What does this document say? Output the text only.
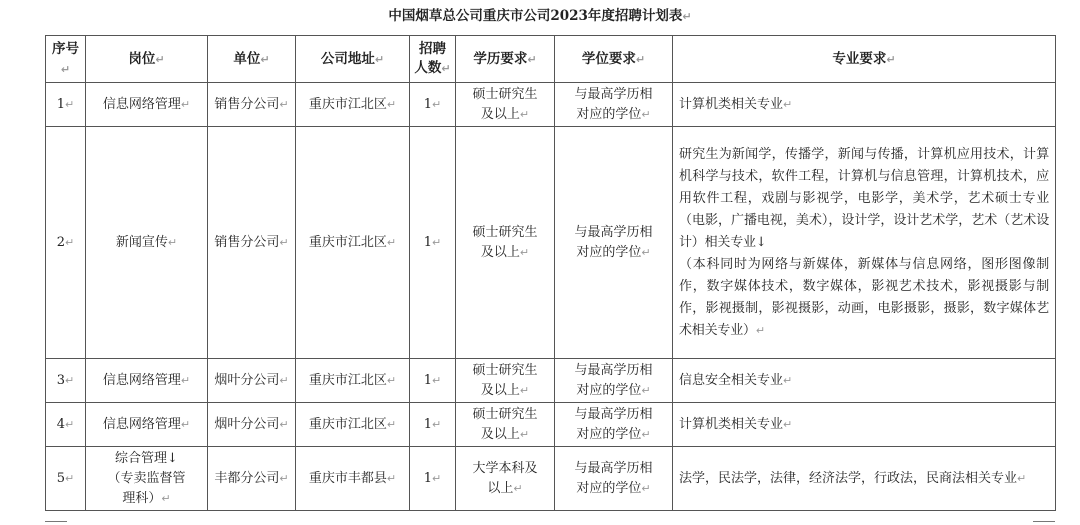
中国烟草总公司重庆市公司2023年度招聘计划表↵
序号↵	岗位↵	单位↵	公司地址↵	招聘
人数↵	学历要求↵	学位要求↵	专业要求↵
1↵	信息网络管理↵	销售分公司↵	重庆市江北区↵	1↵	硕士研究生
及以上↵	与最高学历相
对应的学位↵	计算机类相关专业↵
2↵	新闻宣传↵	销售分公司↵	重庆市江北区↵	1↵	硕士研究生
及以上↵	与最高学历相
对应的学位↵	研究生为新闻学，传播学，新闻与传播，计算机应用技术，计算机科学与技术，软件工程，计算机与信息管理，计算机技术，应用软件工程，戏剧与影视学，电影学，美术学，艺术硕士专业（电影，广播电视，美术），设计学，设计艺术学，艺术（艺术设计）相关专业↓
（本科同时为网络与新媒体，新媒体与信息网络，图形图像制作，数字媒体技术，数字媒体，影视艺术技术，影视摄影与制作，影视摄制，影视摄影，动画，电影摄影，摄影，数字媒体艺术相关专业）↵
3↵	信息网络管理↵	烟叶分公司↵	重庆市江北区↵	1↵	硕士研究生
及以上↵	与最高学历相
对应的学位↵	信息安全相关专业↵
4↵	信息网络管理↵	烟叶分公司↵	重庆市江北区↵	1↵	硕士研究生
及以上↵	与最高学历相
对应的学位↵	计算机类相关专业↵
5↵	综合管理↓
（专卖监督管
理科）↵	丰都分公司↵	重庆市丰都县↵	1↵	大学本科及
以上↵	与最高学历相
对应的学位↵	法学，民法学，法律，经济法学，行政法，民商法相关专业↵
